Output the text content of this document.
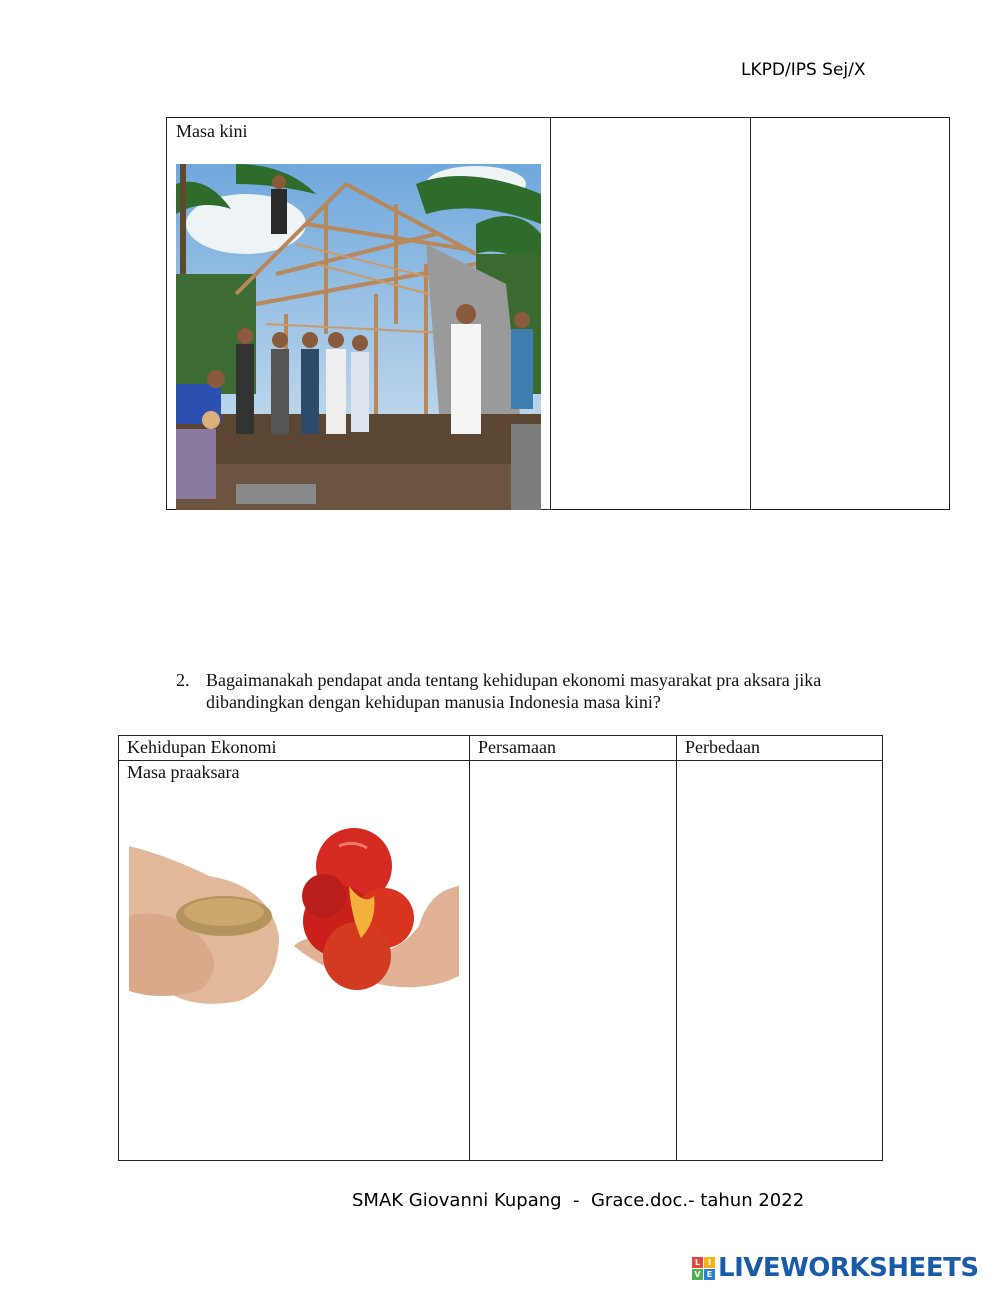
LKPD/IPS Sej/X
Masa kini
2. Bagaimanakah pendapat anda tentang kehidupan ekonomi masyarakat pra aksara jika dibandingkan dengan kehidupan manusia Indonesia masa kini?
Kehidupan Ekonomi	Persamaan	Perbedaan
Masa praaksara
SMAK Giovanni Kupang  -  Grace.doc.- tahun 2022
L I
V E LIVEWORKSHEETS
